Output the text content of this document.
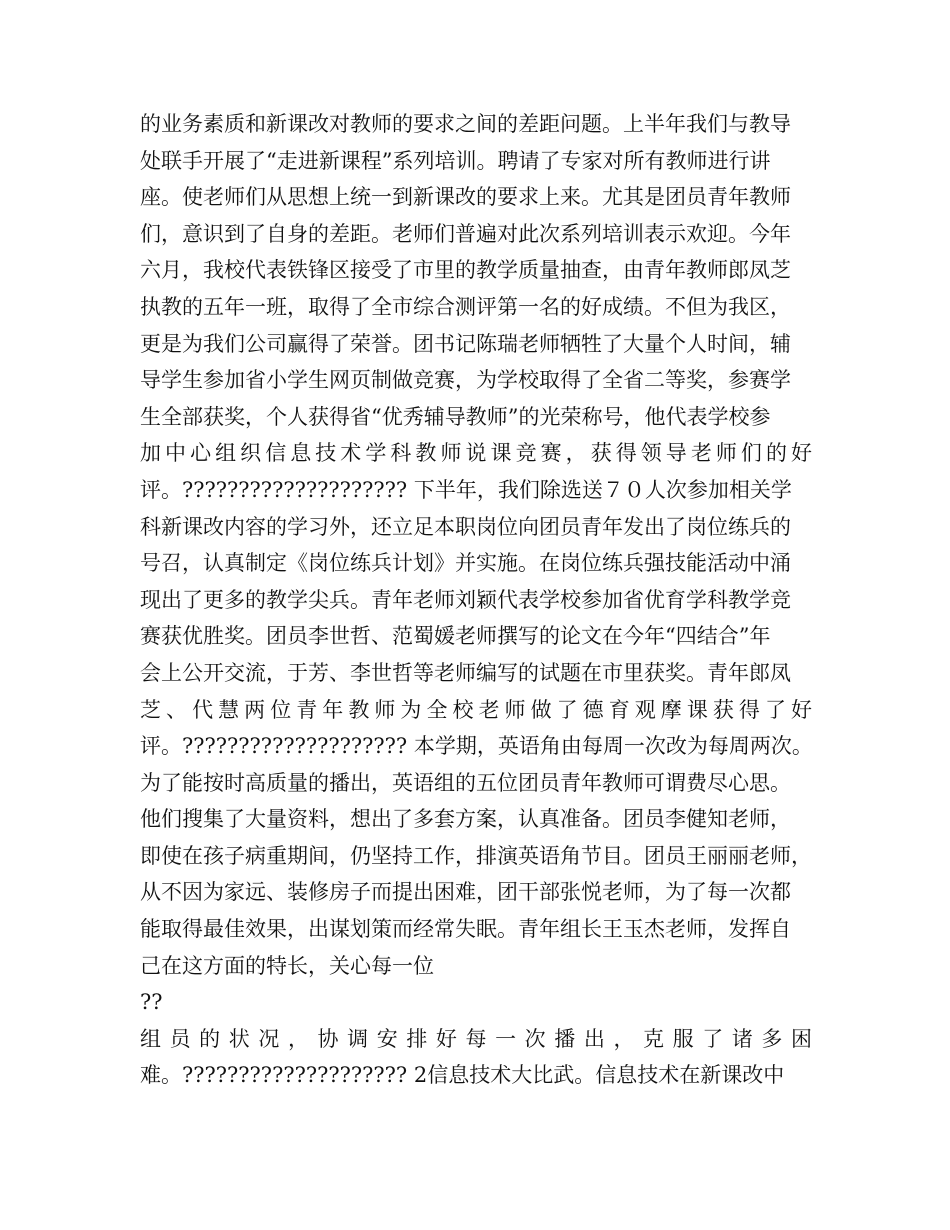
的业务素质和新课改对教师的要求之间的差距问题。上半年我们与教导
处联手开展了“走进新课程”系列培训。聘请了专家对所有教师进行讲
座。使老师们从思想上统一到新课改的要求上来。尤其是团员青年教师
们，意识到了自身的差距。老师们普遍对此次系列培训表示欢迎。今年
六月，我校代表铁锋区接受了市里的教学质量抽查，由青年教师郎凤芝
执教的五年一班，取得了全市综合测评第一名的好成绩。不但为我区，
更是为我们公司赢得了荣誉。团书记陈瑞老师牺牲了大量个人时间，辅
导学生参加省小学生网页制做竞赛，为学校取得了全省二等奖，参赛学
生全部获奖，个人获得省“优秀辅导教师”的光荣称号，他代表学校参
加中心组织信息技术学科教师说课竞赛，获得领导老师们的好
评。???????????????????? 下半年，我们除选送７０人次参加相关学
科新课改内容的学习外，还立足本职岗位向团员青年发出了岗位练兵的
号召，认真制定《岗位练兵计划》并实施。在岗位练兵强技能活动中涌
现出了更多的教学尖兵。青年老师刘颖代表学校参加省优育学科教学竞
赛获优胜奖。团员李世哲、范蜀媛老师撰写的论文在今年“四结合”年
会上公开交流，于芳、李世哲等老师编写的试题在市里获奖。青年郎凤
芝、代慧两位青年教师为全校老师做了德育观摩课获得了好
评。???????????????????? 本学期，英语角由每周一次改为每周两次。
为了能按时高质量的播出，英语组的五位团员青年教师可谓费尽心思。
他们搜集了大量资料，想出了多套方案，认真准备。团员李健知老师，
即使在孩子病重期间，仍坚持工作，排演英语角节目。团员王丽丽老师，
从不因为家远、装修房子而提出困难，团干部张悦老师，为了每一次都
能取得最佳效果，出谋划策而经常失眠。青年组长王玉杰老师，发挥自
己在这方面的特长，关心每一位
??
组员的状况，协调安排好每一次播出，克服了诸多困
难。???????????????????? 2信息技术大比武。信息技术在新课改中
